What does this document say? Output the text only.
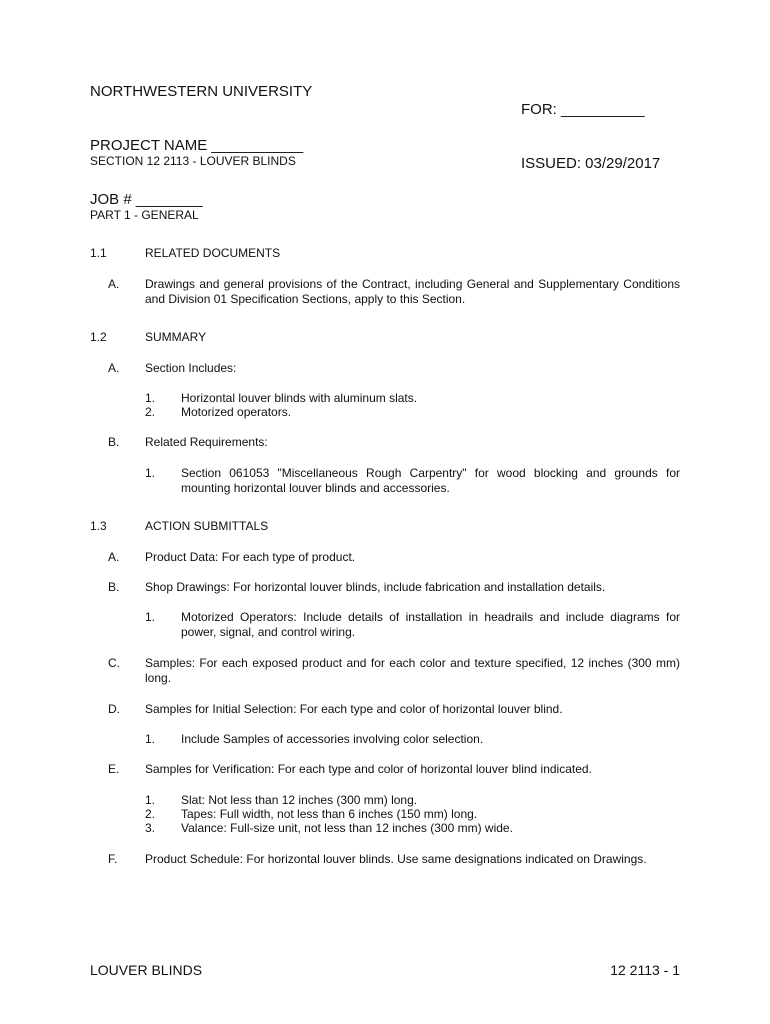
NORTHWESTERN UNIVERSITY

PROJECT NAME ___________

JOB # ________

FOR: __________

ISSUED: 03/29/2017

SECTION 12 2113 - LOUVER BLINDS
PART 1 - GENERAL
1.1	RELATED DOCUMENTS
A. Drawings and general provisions of the Contract, including General and Supplementary Conditions and Division 01 Specification Sections, apply to this Section.
1.2	SUMMARY
A. Section Includes:
1. Horizontal louver blinds with aluminum slats.
2. Motorized operators.
B. Related Requirements:
1. Section 061053 "Miscellaneous Rough Carpentry" for wood blocking and grounds for mounting horizontal louver blinds and accessories.
1.3	ACTION SUBMITTALS
A. Product Data: For each type of product.
B. Shop Drawings: For horizontal louver blinds, include fabrication and installation details.
1. Motorized Operators: Include details of installation in headrails and include diagrams for power, signal, and control wiring.
C. Samples: For each exposed product and for each color and texture specified, 12 inches (300 mm) long.
D. Samples for Initial Selection: For each type and color of horizontal louver blind.
1. Include Samples of accessories involving color selection.
E. Samples for Verification: For each type and color of horizontal louver blind indicated.
1. Slat: Not less than 12 inches (300 mm) long.
2. Tapes: Full width, not less than 6 inches (150 mm) long.
3. Valance: Full-size unit, not less than 12 inches (300 mm) wide.
F. Product Schedule: For horizontal louver blinds. Use same designations indicated on Drawings.
LOUVER BLINDS	12 2113 - 1
